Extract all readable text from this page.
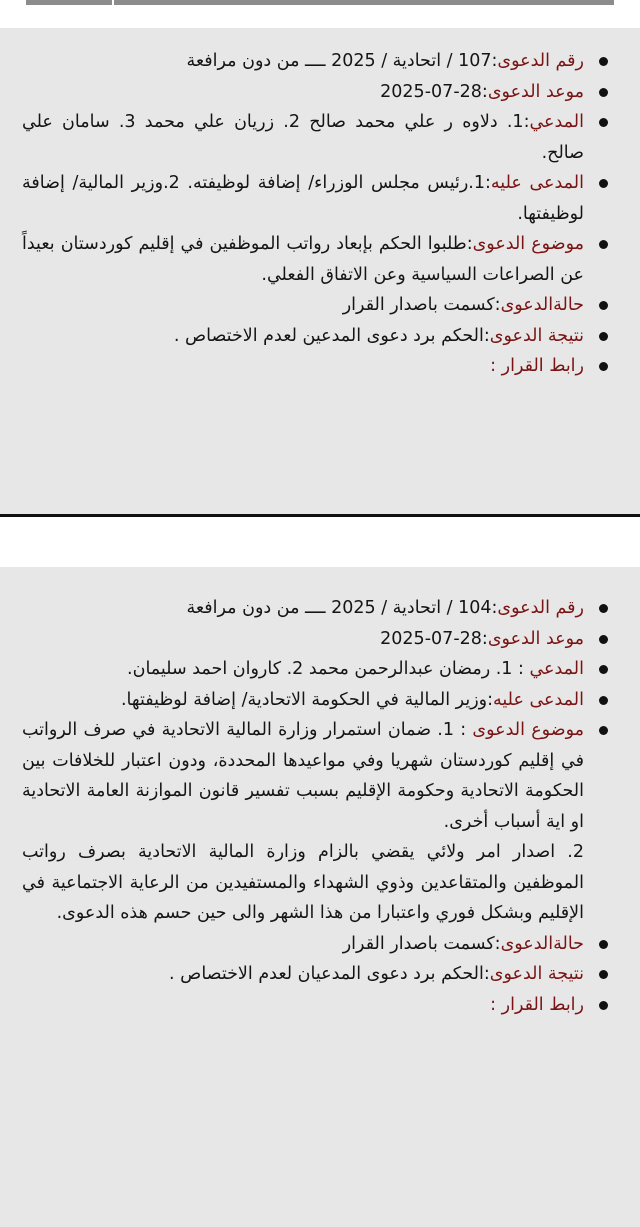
رقم الدعوى:107 / اتحادية / 2025 ــــ من دون مرافعة
موعد الدعوى:28-07-2025
المدعي:1. دلاوه ر علي محمد صالح 2. زريان علي محمد 3. سامان علي صالح.
المدعى عليه:1.رئيس مجلس الوزراء/ إضافة لوظيفته. 2.وزير المالية/ إضافة لوظيفتها.
موضوع الدعوى:طلبوا الحكم بإبعاد رواتب الموظفين في إقليم كوردستان بعيداً عن الصراعات السياسية وعن الاتفاق الفعلي.
حالةالدعوى:كسمت باصدار القرار
نتيجة الدعوى:الحكم برد دعوى المدعين لعدم الاختصاص .
رابط القرار :
رقم الدعوى:104 / اتحادية / 2025 ــــ من دون مرافعة
موعد الدعوى:28-07-2025
المدعي : 1. رمضان عبدالرحمن محمد 2. كاروان احمد سليمان.
المدعى عليه:وزير المالية في الحكومة الاتحادية/ إضافة لوظيفتها.
موضوع الدعوى : 1. ضمان استمرار وزارة المالية الاتحادية في صرف الرواتب في إقليم كوردستان شهريا وفي مواعيدها المحددة، ودون اعتبار للخلافات بين الحكومة الاتحادية وحكومة الإقليم بسبب تفسير قانون الموازنة العامة الاتحادية او اية أسباب أخرى.

2. اصدار امر ولائي يقضي بالزام وزارة المالية الاتحادية بصرف رواتب الموظفين والمتقاعدين وذوي الشهداء والمستفيدين من الرعاية الاجتماعية في الإقليم وبشكل فوري واعتبارا من هذا الشهر والى حين حسم هذه الدعوى.

حالةالدعوى:كسمت باصدار القرار
نتيجة الدعوى:الحكم برد دعوى المدعيان لعدم الاختصاص .
رابط القرار :
